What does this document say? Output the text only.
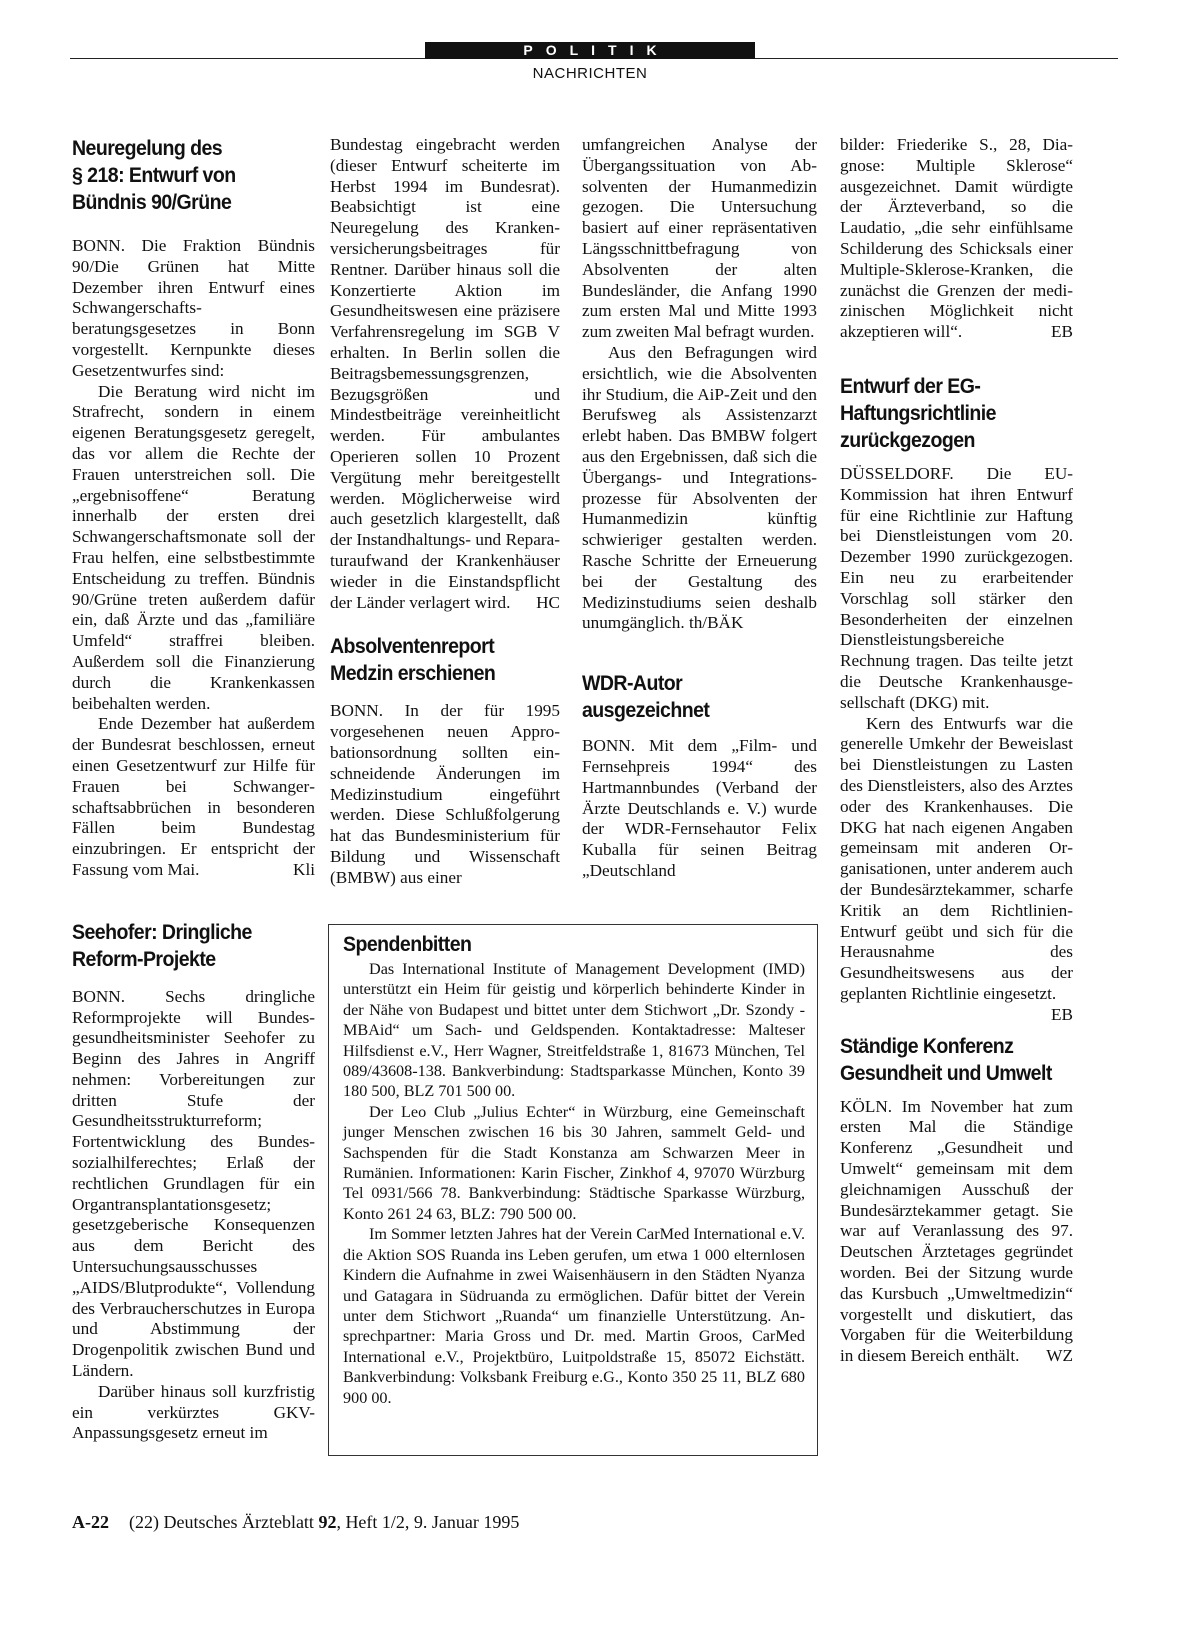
POLITIK
NACHRICHTEN
Neuregelung des
§ 218: Entwurf von
Bündnis 90/Grüne

BONN. Die Fraktion Bündnis 90/Die Grünen hat Mitte Dezember ihren Entwurf eines Schwangerschaftsberatungsgesetzes in Bonn vorgestellt. Kernpunkte dieses Gesetzentwurfes sind:

Die Beratung wird nicht im Strafrecht, sondern in einem eigenen Beratungsgesetz geregelt, das vor allem die Rechte der Frauen unterstreichen soll. Die „ergebnisoffene“ Beratung innerhalb der ersten drei Schwangerschaftsmonate soll der Frau helfen, eine selbstbestimmte Entscheidung zu treffen. Bündnis 90/Grüne treten außerdem dafür ein, daß Ärzte und das „familiäre Umfeld“ straffrei bleiben. Außerdem soll die Finanzierung durch die Krankenkassen beibehalten werden.

Ende Dezember hat außerdem der Bundesrat beschlossen, erneut einen Gesetzentwurf zur Hilfe für Frauen bei Schwangerschaftsabbrüchen in besonderen Fällen beim Bundestag einzubringen. Er entspricht der Fassung vom Mai.	Kli

Seehofer: Dringliche
Reform-Projekte

BONN. Sechs dringliche Reformprojekte will Bundesgesundheitsminister Seehofer zu Beginn des Jahres in Angriff nehmen: Vorbereitungen zur dritten Stufe der Gesundheitsstrukturreform; Fortentwicklung des Bundessozialhilferechtes; Erlaß der rechtlichen Grundlagen für ein Organtransplantationsgesetz; gesetzgeberische Konsequenzen aus dem Bericht des Untersuchungsausschusses „AIDS/Blutprodukte“, Vollendung des Verbraucherschutzes in Europa und Abstimmung der Drogenpolitik zwischen Bund und Ländern.

Darüber hinaus soll kurzfristig ein verkürztes GKV-Anpassungsgesetz erneut im

Bundestag eingebracht werden (dieser Entwurf scheiterte im Herbst 1994 im Bundesrat). Beabsichtigt ist eine Neuregelung des Krankenversicherungsbeitrages für Rentner. Darüber hinaus soll die Konzertierte Aktion im Gesundheitswesen eine präzisere Verfahrensregelung im SGB V erhalten. In Berlin sollen die Beitragsbemessungsgrenzen, Bezugsgrößen und Mindestbeiträge vereinheitlicht werden. Für ambulantes Operieren sollen 10 Prozent Vergütung mehr bereitgestellt werden. Möglicherweise wird auch gesetzlich klargestellt, daß der Instandhaltungs- und Reparaturaufwand der Krankenhäuser wieder in die Einstandspflicht der Länder verlagert wird.	HC

Absolventenreport
Medzin erschienen

BONN. In der für 1995 vorgesehenen neuen Approbationsordnung sollten einschneidende Änderungen im Medizinstudium eingeführt werden. Diese Schlußfolgerung hat das Bundesministerium für Bildung und Wissenschaft (BMBW) aus einer

umfangreichen Analyse der Übergangssituation von Absolventen der Humanmedizin gezogen. Die Untersuchung basiert auf einer repräsentativen Längsschnittbefragung von Absolventen der alten Bundesländer, die Anfang 1990 zum ersten Mal und Mitte 1993 zum zweiten Mal befragt wurden.

Aus den Befragungen wird ersichtlich, wie die Absolventen ihr Studium, die AiP-Zeit und den Berufsweg als Assistenzarzt erlebt haben. Das BMBW folgert aus den Ergebnissen, daß sich die Übergangs- und Integrationsprozesse für Absolventen der Humanmedizin künftig schwieriger gestalten werden. Rasche Schritte der Erneuerung bei der Gestaltung des Medizinstudiums seien deshalb unumgänglich. th/BÄK

WDR-Autor
ausgezeichnet

BONN. Mit dem „Film- und Fernsehpreis 1994“ des Hartmannbundes (Verband der Ärzte Deutschlands e. V.) wurde der WDR-Fernsehautor Felix Kuballa für seinen Beitrag „Deutschland

bilder: Friederike S., 28, Diagnose: Multiple Sklerose“ ausgezeichnet. Damit würdigte der Ärzteverband, so die Laudatio, „die sehr einfühlsame Schilderung des Schicksals einer Multiple-Sklerose-Kranken, die zunächst die Grenzen der medizinischen Möglichkeit nicht akzeptieren will“.	EB

Entwurf der EG-
Haftungsrichtlinie
zurückgezogen

DÜSSELDORF. Die EU-Kommission hat ihren Entwurf für eine Richtlinie zur Haftung bei Dienstleistungen vom 20. Dezember 1990 zurückgezogen. Ein neu zu erarbeitender Vorschlag soll stärker den Besonderheiten der einzelnen Dienstleistungsbereiche Rechnung tragen. Das teilte jetzt die Deutsche Krankenhausgesellschaft (DKG) mit.

Kern des Entwurfs war die generelle Umkehr der Beweislast bei Dienstleistungen zu Lasten des Dienstleisters, also des Arztes oder des Krankenhauses. Die DKG hat nach eigenen Angaben gemeinsam mit anderen Organisationen, unter anderem auch der Bundesärztekammer, scharfe Kritik an dem Richtlinien-Entwurf geübt und sich für die Herausnahme des Gesundheitswesens aus der geplanten Richtlinie eingesetzt.
EB

Ständige Konferenz
Gesundheit und Umwelt

KÖLN. Im November hat zum ersten Mal die Ständige Konferenz „Gesundheit und Umwelt“ gemeinsam mit dem gleichnamigen Ausschuß der Bundesärztekammer getagt. Sie war auf Veranlassung des 97. Deutschen Ärztetages gegründet worden. Bei der Sitzung wurde das Kursbuch „Umweltmedizin“ vorgestellt und diskutiert, das Vorgaben für die Weiterbildung in diesem Bereich enthält.	WZ

Spendenbitten

Das International Institute of Management Development (IMD) unterstützt ein Heim für geistig und körperlich behinderte Kinder in der Nähe von Budapest und bittet unter dem Stichwort „Dr. Szondy - MBAid“ um Sach- und Geldspenden. Kontaktadresse: Malteser Hilfsdienst e.V., Herr Wagner, Streitfeldstraße 1, 81673 München, Tel 089/43608-138. Bankverbindung: Stadtsparkasse München, Konto 39 180 500, BLZ 701 500 00.

Der Leo Club „Julius Echter“ in Würzburg, eine Gemeinschaft junger Menschen zwischen 16 bis 30 Jahren, sammelt Geld- und Sachspenden für die Stadt Konstanza am Schwarzen Meer in Rumänien. Informationen: Karin Fischer, Zinkhof 4, 97070 Würzburg Tel 0931/566 78. Bankverbindung: Städtische Sparkasse Würzburg, Konto 261 24 63, BLZ: 790 500 00.

Im Sommer letzten Jahres hat der Verein CarMed International e.V. die Aktion SOS Ruanda ins Leben gerufen, um etwa 1 000 elternlosen Kindern die Aufnahme in zwei Waisenhäusern in den Städten Nyanza und Gatagara in Südruanda zu ermöglichen. Dafür bittet der Verein unter dem Stichwort „Ruanda“ um finanzielle Unterstützung. Ansprechpartner: Maria Gross und Dr. med. Martin Groos, CarMed International e.V., Projektbüro, Luitpoldstraße 15, 85072 Eichstätt. Bankverbindung: Volksbank Freiburg e.G., Konto 350 25 11, BLZ 680 900 00.

A-22 (22) Deutsches Ärzteblatt 92, Heft 1/2, 9. Januar 1995
